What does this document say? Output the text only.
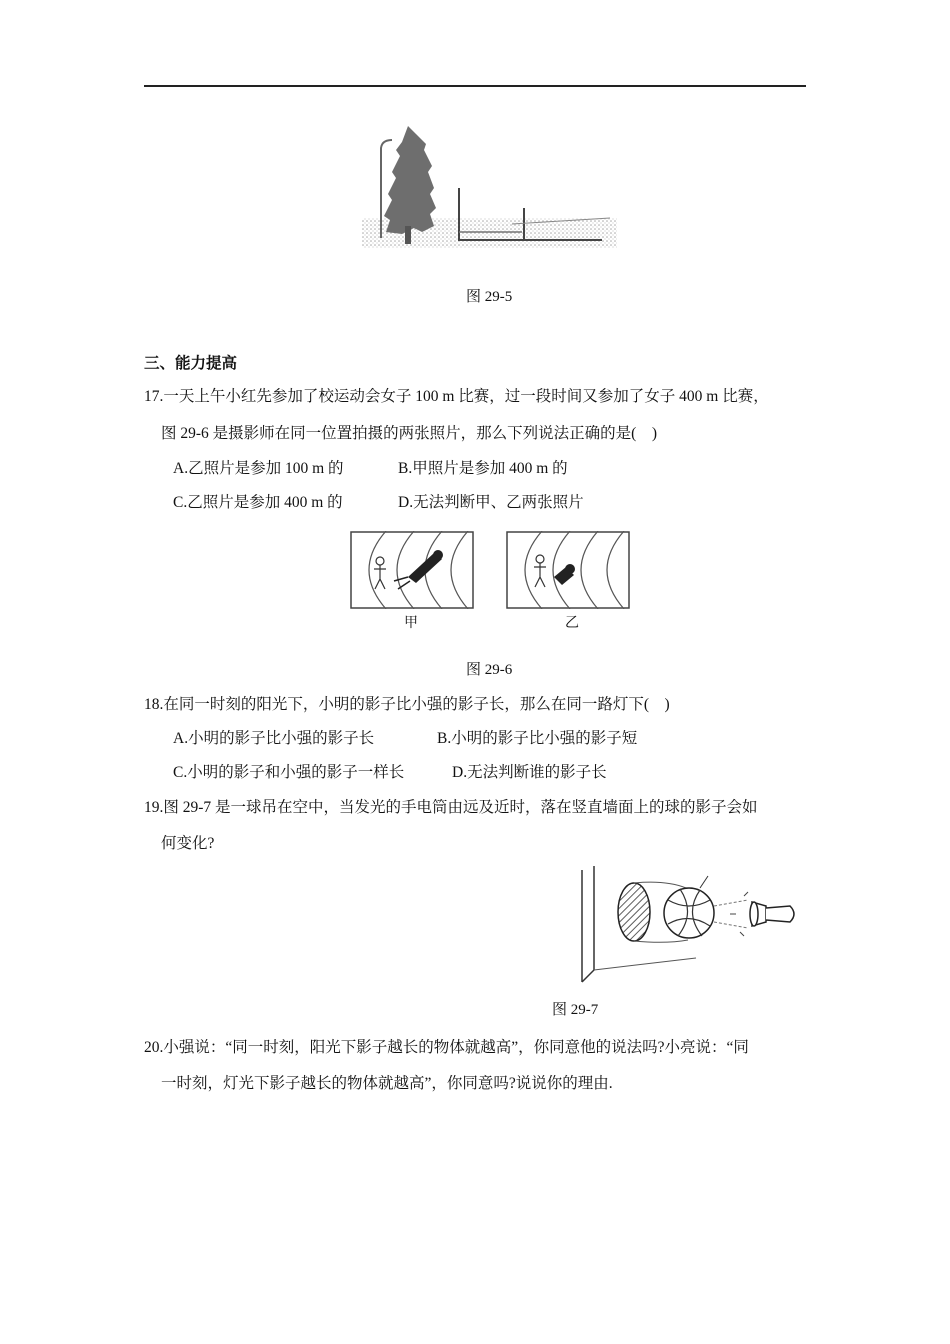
图 29-5
三、能力提高
17.一天上午小红先参加了校运动会女子 100 m 比赛，过一段时间又参加了女子 400 m 比赛，
图 29-6 是摄影师在同一位置拍摄的两张照片，那么下列说法正确的是(　)
A.乙照片是参加 100 m 的	B.甲照片是参加 400 m 的
C.乙照片是参加 400 m 的	D.无法判断甲、乙两张照片
甲	乙
图 29-6
18.在同一时刻的阳光下，小明的影子比小强的影子长，那么在同一路灯下(　)
A.小明的影子比小强的影子长	B.小明的影子比小强的影子短
C.小明的影子和小强的影子一样长	D.无法判断谁的影子长
19.图 29-7 是一球吊在空中，当发光的手电筒由远及近时，落在竖直墙面上的球的影子会如
何变化?
图 29-7
20.小强说：“同一时刻，阳光下影子越长的物体就越高”，你同意他的说法吗?小亮说：“同
一时刻，灯光下影子越长的物体就越高”，你同意吗?说说你的理由.
